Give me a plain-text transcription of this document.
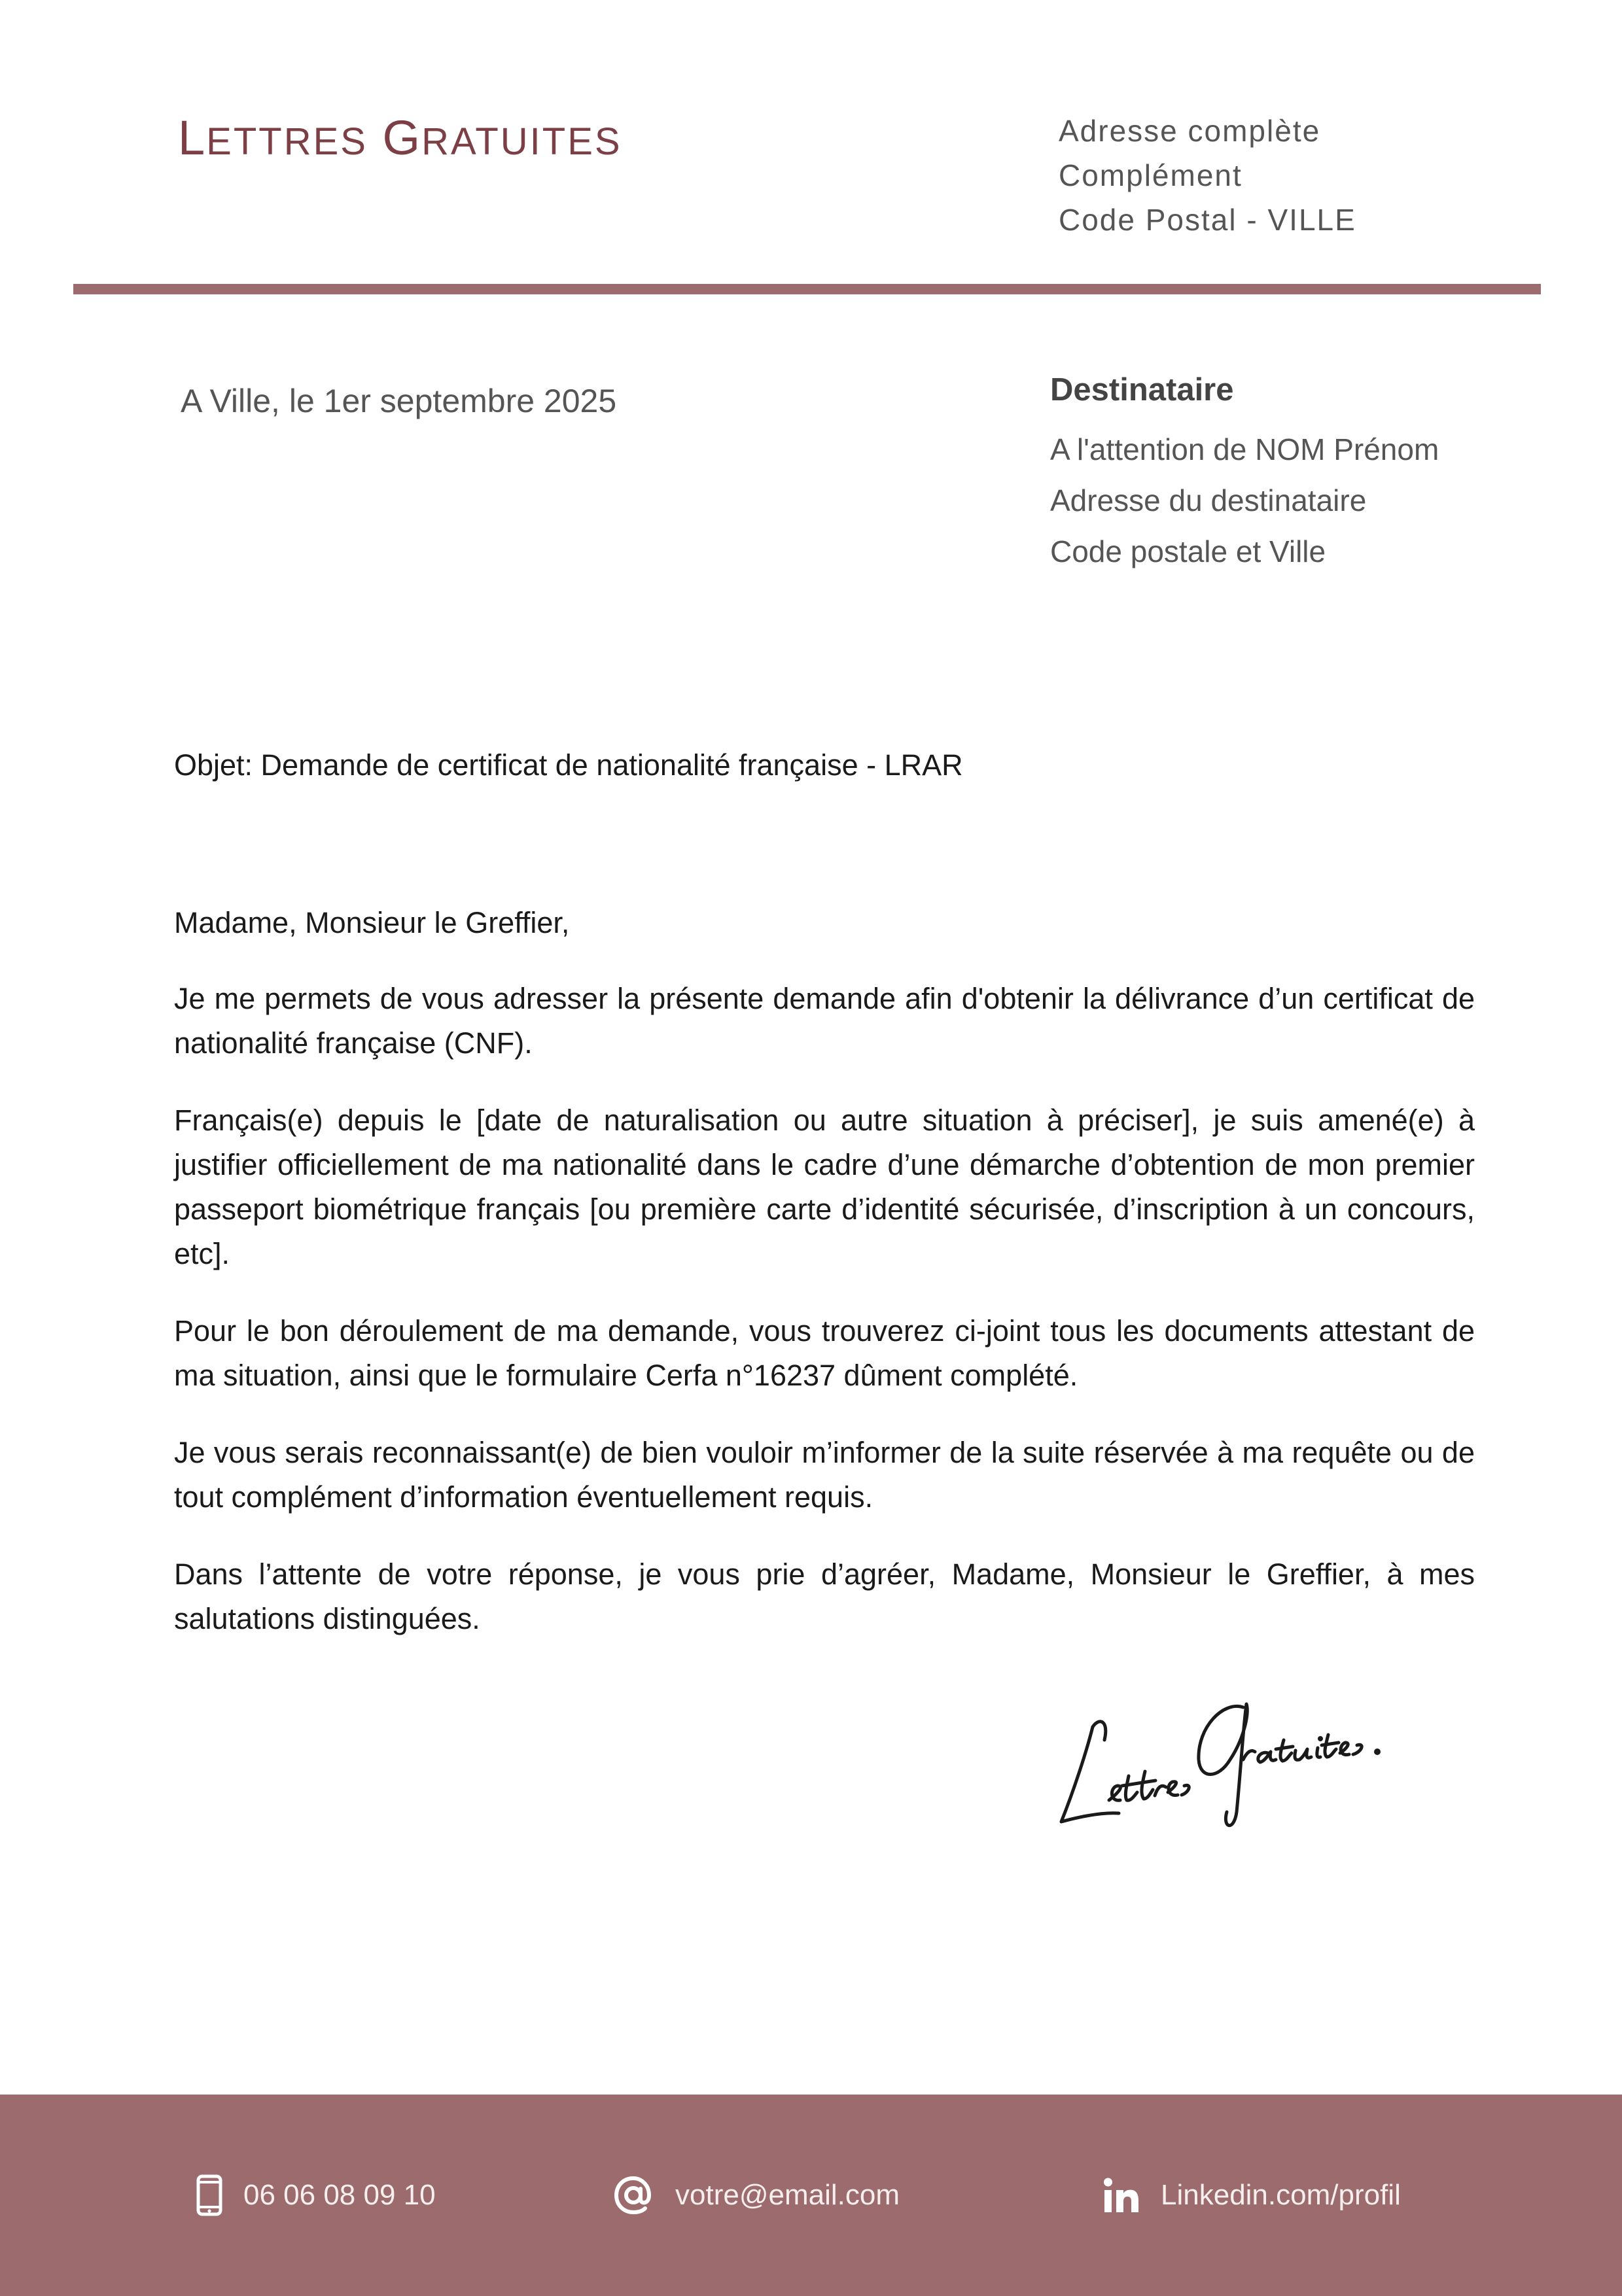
LETTRES GRATUITES	Adresse complète
Complément
Code Postal - VILLE
A Ville, le 1er septembre 2025	Destinataire
A l'attention de NOM Prénom
Adresse du destinataire
Code postale et Ville
Objet: Demande de certificat de nationalité française - LRAR
Madame, Monsieur le Greffier,

Je me permets de vous adresser la présente demande afin d'obtenir la délivrance d’un certificat de nationalité française (CNF).

Français(e) depuis le [date de naturalisation ou autre situation à préciser], je suis amené(e) à justifier officiellement de ma nationalité dans le cadre d’une démarche d’obtention de mon premier passeport biométrique français [ou première carte d’identité sécurisée, d’inscription à un concours, etc].

Pour le bon déroulement de ma demande, vous trouverez ci-joint tous les documents attestant de ma situation, ainsi que le formulaire Cerfa n°16237 dûment complété.

Je vous serais reconnaissant(e) de bien vouloir m’informer de la suite réservée à ma requête ou de tout complément d’information éventuellement requis.

Dans l’attente de votre réponse, je vous prie d’agréer, Madame, Monsieur le Greffier, à mes salutations distinguées.

06 06 08 09 10	votre@email.com	Linkedin.com/profil
